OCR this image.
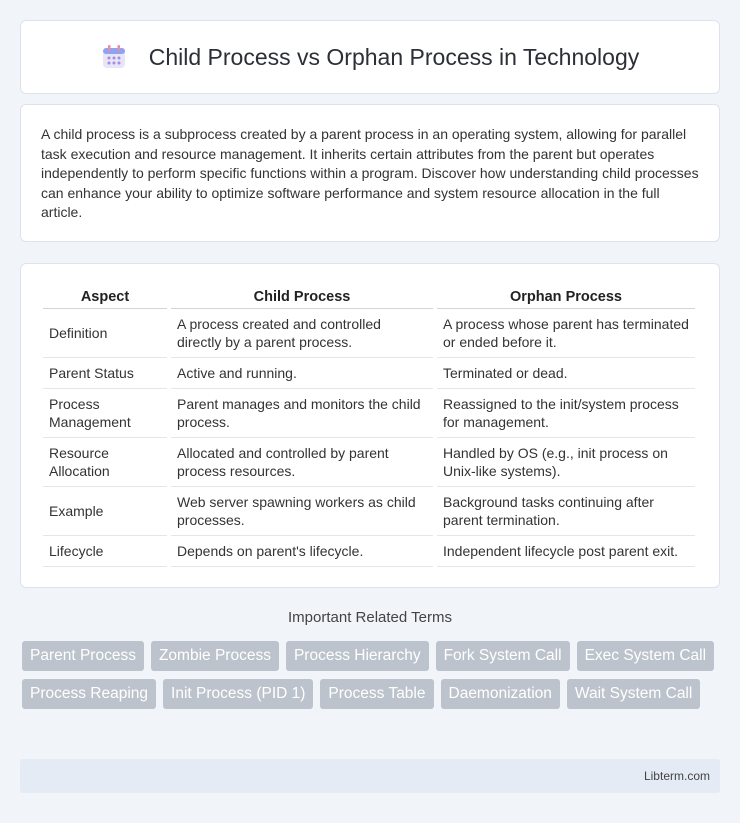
Child Process vs Orphan Process in Technology

A child process is a subprocess created by a parent process in an operating system, allowing for parallel task execution and resource management. It inherits certain attributes from the parent but operates independently to perform specific functions within a program. Discover how understanding child processes can enhance your ability to optimize software performance and system resource allocation in the full article.

Aspect	Child Process	Orphan Process
Definition	A process created and controlled directly by a parent process.	A process whose parent has terminated or ended before it.
Parent Status	Active and running.	Terminated or dead.
Process Management	Parent manages and monitors the child process.	Reassigned to the init/system process for management.
Resource Allocation	Allocated and controlled by parent process resources.	Handled by OS (e.g., init process on Unix-like systems).
Example	Web server spawning workers as child processes.	Background tasks continuing after parent termination.
Lifecycle	Depends on parent's lifecycle.	Independent lifecycle post parent exit.
Important Related Terms
Parent Process	Zombie Process	Process Hierarchy	Fork System Call	Exec System Call
Process Reaping	Init Process (PID 1)	Process Table	Daemonization	Wait System Call
Libterm.com
